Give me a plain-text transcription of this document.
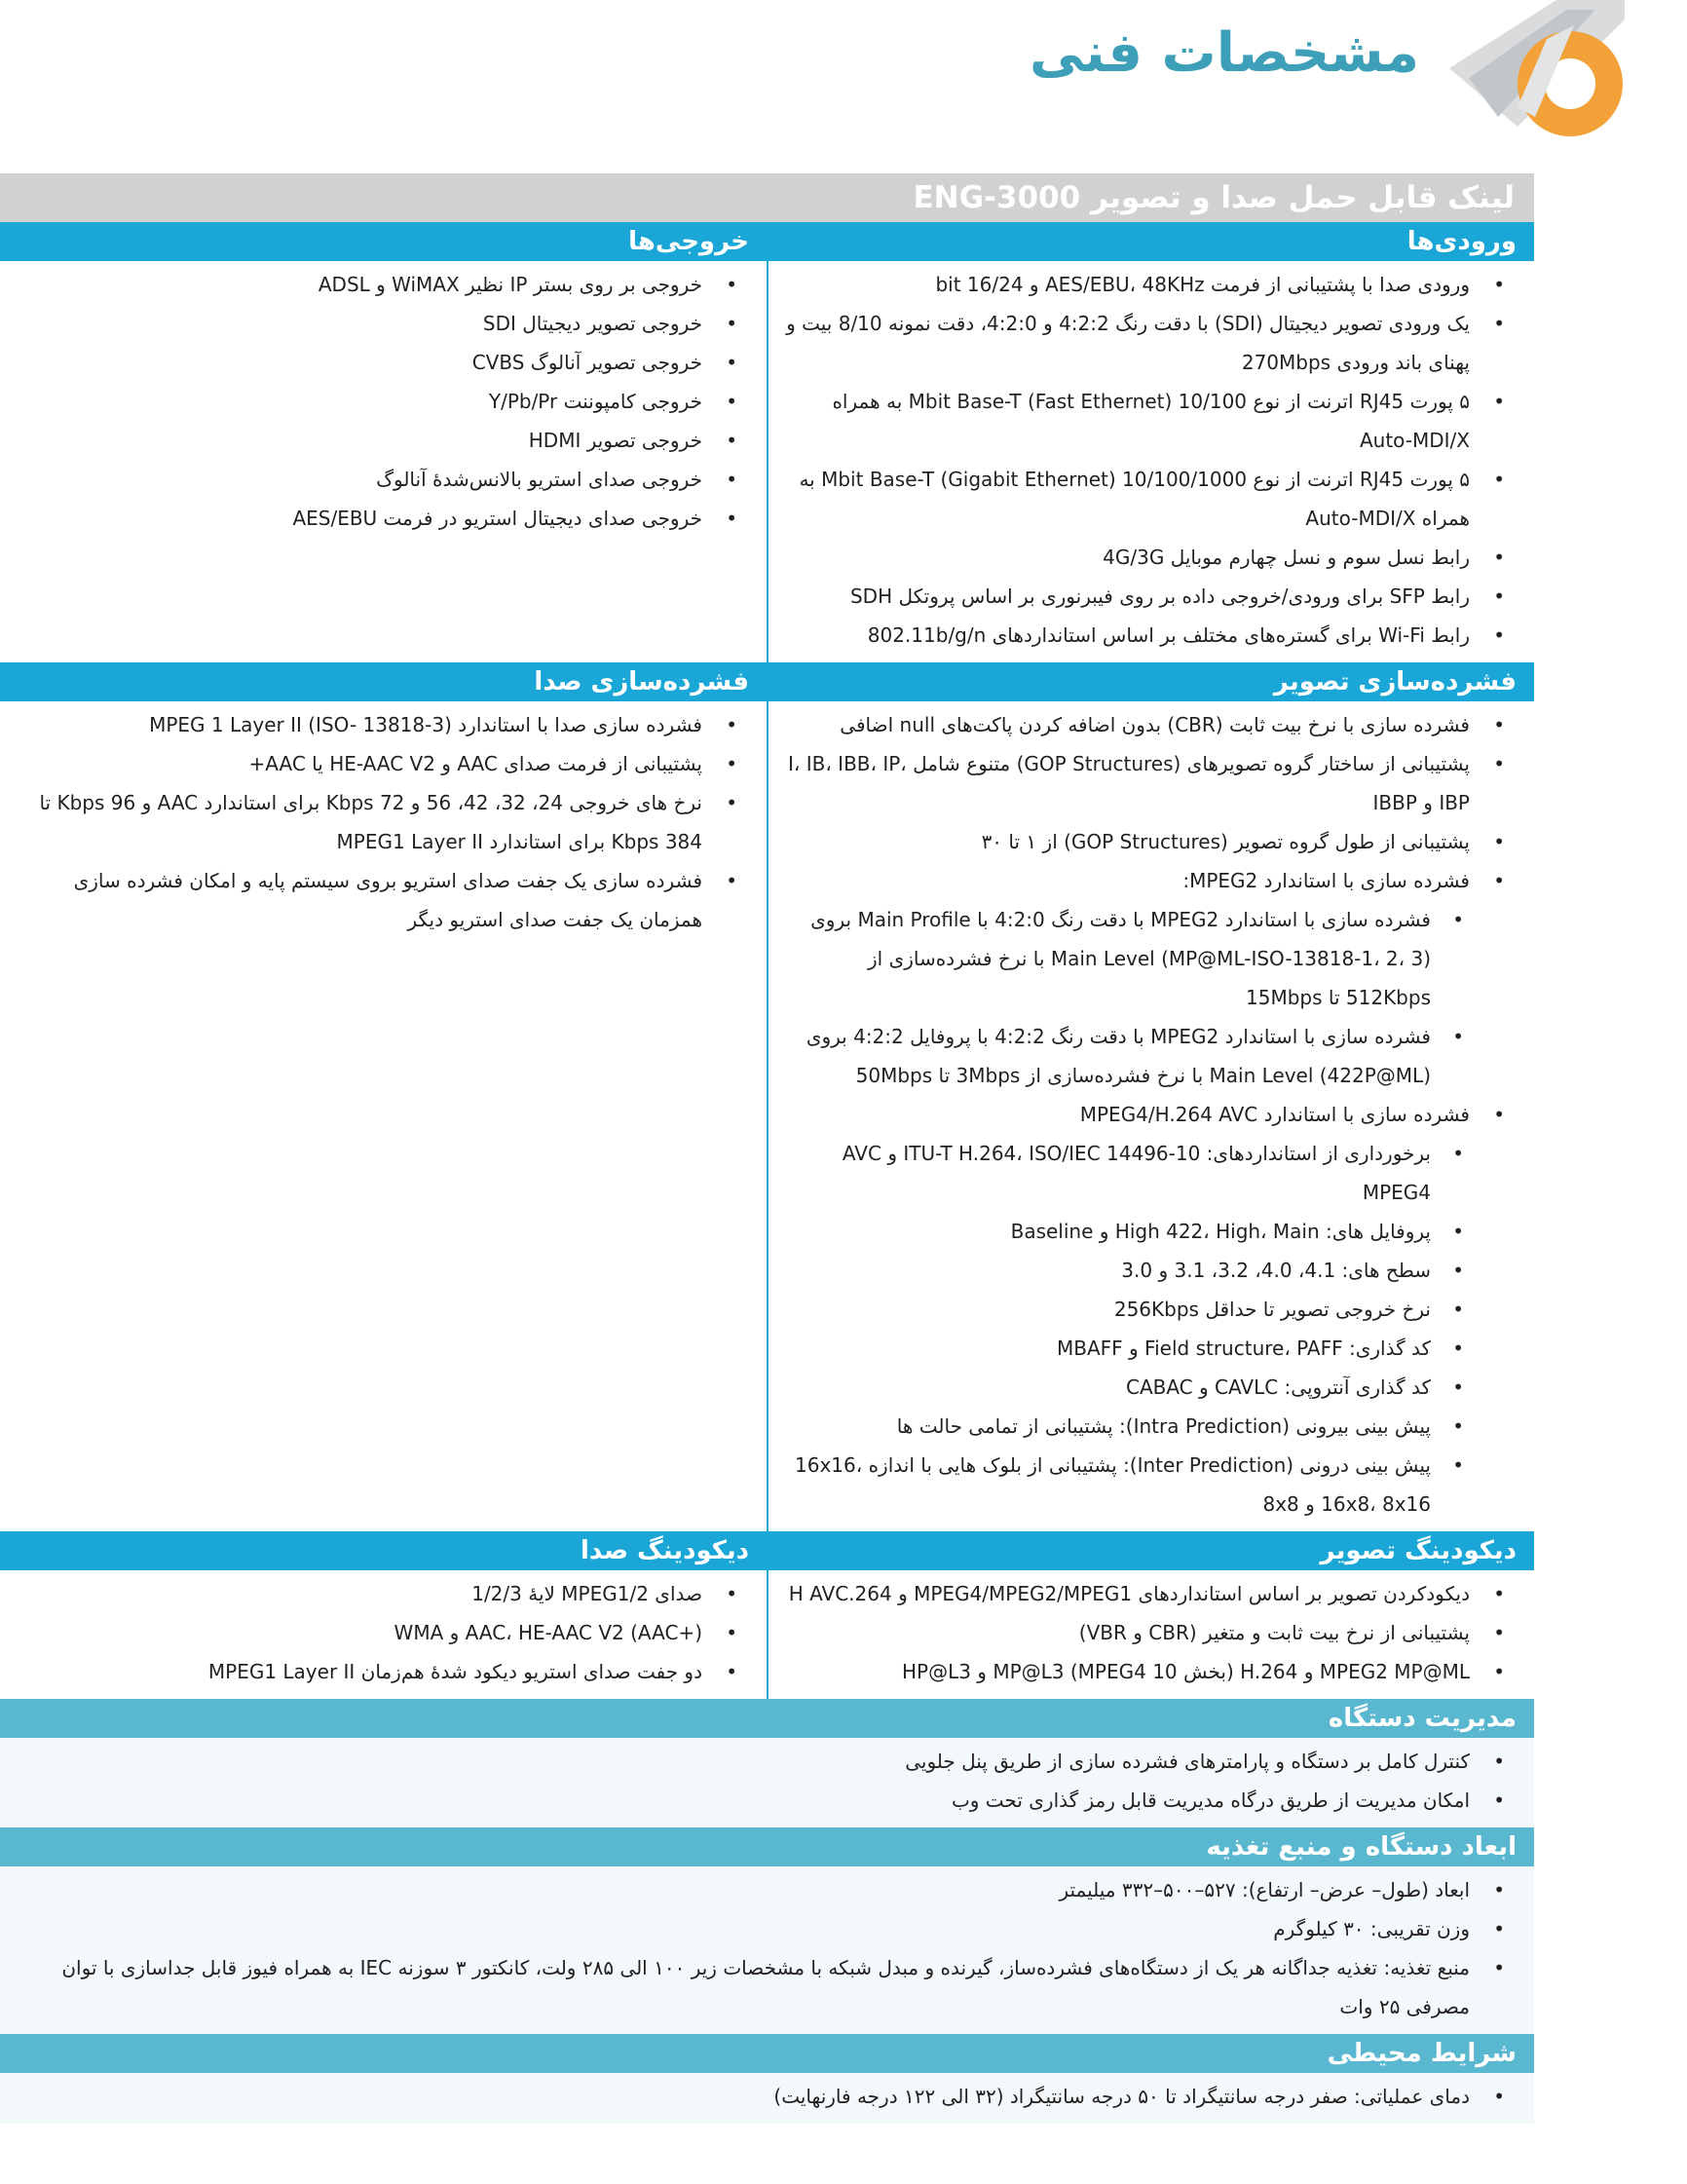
مشخصات فنی
لینک قابل حمل صدا و تصویر ENG-3000
ورودی‌ها
• ورودی صدا با پشتیبانی از فرمت AES/EBU، 48KHz و 16/24 bit
• یک ورودی تصویر دیجیتال (SDI) با دقت رنگ 4:2:2 و 4:2:0، دقت نمونه 8/10 بیت و پهنای باند ورودی 270Mbps
• ۵ پورت RJ45 اترنت از نوع 10/100 Mbit Base-T (Fast Ethernet) به همراه Auto-MDI/X
• ۵ پورت RJ45 اترنت از نوع 10/100/1000 Mbit Base-T (Gigabit Ethernet) به همراه Auto-MDI/X
• رابط نسل سوم و نسل چهارم موبایل 4G/3G
• رابط SFP برای ورودی/خروجی داده بر روی فیبرنوری بر اساس پروتکل SDH
• رابط Wi-Fi برای گستره‌های مختلف بر اساس استانداردهای 802.11b/g/n
خروجی‌ها
• خروجی بر روی بستر IP نظیر WiMAX و ADSL
• خروجی تصویر دیجیتال SDI
• خروجی تصویر آنالوگ CVBS
• خروجی کامپوننت Y/Pb/Pr
• خروجی تصویر HDMI
• خروجی صدای استریو بالانس‌شدۀ آنالوگ
• خروجی صدای دیجیتال استریو در فرمت AES/EBU
فشرده‌سازی تصویر
• فشرده سازی با نرخ بیت ثابت (CBR) بدون اضافه کردن پاکت‌های null اضافی
• پشتیبانی از ساختار گروه تصویرهای (GOP Structures) متنوع شامل I، IB، IBB، IP، IBP و IBBP
• پشتیبانی از طول گروه تصویر (GOP Structures) از ۱ تا ۳۰
• فشرده سازی با استاندارد MPEG2:
• فشرده سازی با استاندارد MPEG2 با دقت رنگ 4:2:0 با Main Profile بروی Main Level (MP@ML-ISO-13818-1، 2، 3) با نرخ فشرده‌سازی از 512Kbps تا 15Mbps
• فشرده سازی با استاندارد MPEG2 با دقت رنگ 4:2:2 با پروفایل 4:2:2 بروی Main Level (422P@ML) با نرخ فشرده‌سازی از 3Mbps تا 50Mbps
• فشرده سازی با استاندارد MPEG4/H.264 AVC
• برخورداری از استانداردهای: ITU-T H.264، ISO/IEC 14496-10 و AVC MPEG4
• پروفایل های: High 422، High، Main و Baseline
• سطح های: 4.1، 4.0، 3.2، 3.1 و 3.0
• نرخ خروجی تصویر تا حداقل 256Kbps
• کد گذاری: Field structure، PAFF و MBAFF
• کد گذاری آنتروپی: CAVLC و CABAC
• پیش بینی بیرونی (Intra Prediction): پشتیبانی از تمامی حالت ها
• پیش بینی درونی (Inter Prediction): پشتیبانی از بلوک هایی با اندازه 16x16، 16x8، 8x16 و 8x8
فشرده‌سازی صدا
• فشرده سازی صدا با استاندارد MPEG 1 Layer II (ISO- 13818-3)
• پشتیبانی از فرمت صدای AAC و HE-AAC V2 یا AAC+
• نرخ های خروجی 24، 32، 42، 56 و 72 Kbps برای استاندارد AAC و 96 Kbps تا 384 Kbps برای استاندارد MPEG1 Layer II
• فشرده سازی یک جفت صدای استریو بروی سیستم پایه و امکان فشرده سازی همزمان یک جفت صدای استریو دیگر
دیکودینگ تصویر
• دیکودکردن تصویر بر اساس استانداردهای MPEG4/MPEG2/MPEG1 و 264.H AVC
• پشتیبانی از نرخ بیت ثابت و متغیر (CBR و VBR)
• MPEG2 MP@ML و H.264 (بخش MPEG4 10) MP@L3 و HP@L3
دیکودینگ صدا
• صدای MPEG1/2 لایۀ 1/2/3
• AAC، HE-AAC V2 (AAC+) و WMA
• دو جفت صدای استریو دیکود شدۀ هم‌زمان MPEG1 Layer II
مدیریت دستگاه
• کنترل کامل بر دستگاه و پارامترهای فشرده سازی از طریق پنل جلویی
• امکان مدیریت از طریق درگاه مدیریت قابل رمز گذاری تحت وب
ابعاد دستگاه و منبع تغذیه
• ابعاد (طول– عرض– ارتفاع): ۵۲۷–۵۰۰–۳۳۲ میلیمتر
• وزن تقریبی: ۳۰ کیلوگرم
• منبع تغذیه: تغذیه جداگانه هر یک از دستگاه‌های فشرده‌ساز، گیرنده و مبدل شبکه با مشخصات زیر ۱۰۰ الی ۲۸۵ ولت، کانکتور ۳ سوزنه IEC به همراه فیوز قابل جداسازی با توان مصرفی ۲۵ وات
شرایط محیطی
• دمای عملیاتی: صفر درجه سانتیگراد تا ۵۰ درجه سانتیگراد (۳۲ الی ۱۲۲ درجه فارنهایت)
